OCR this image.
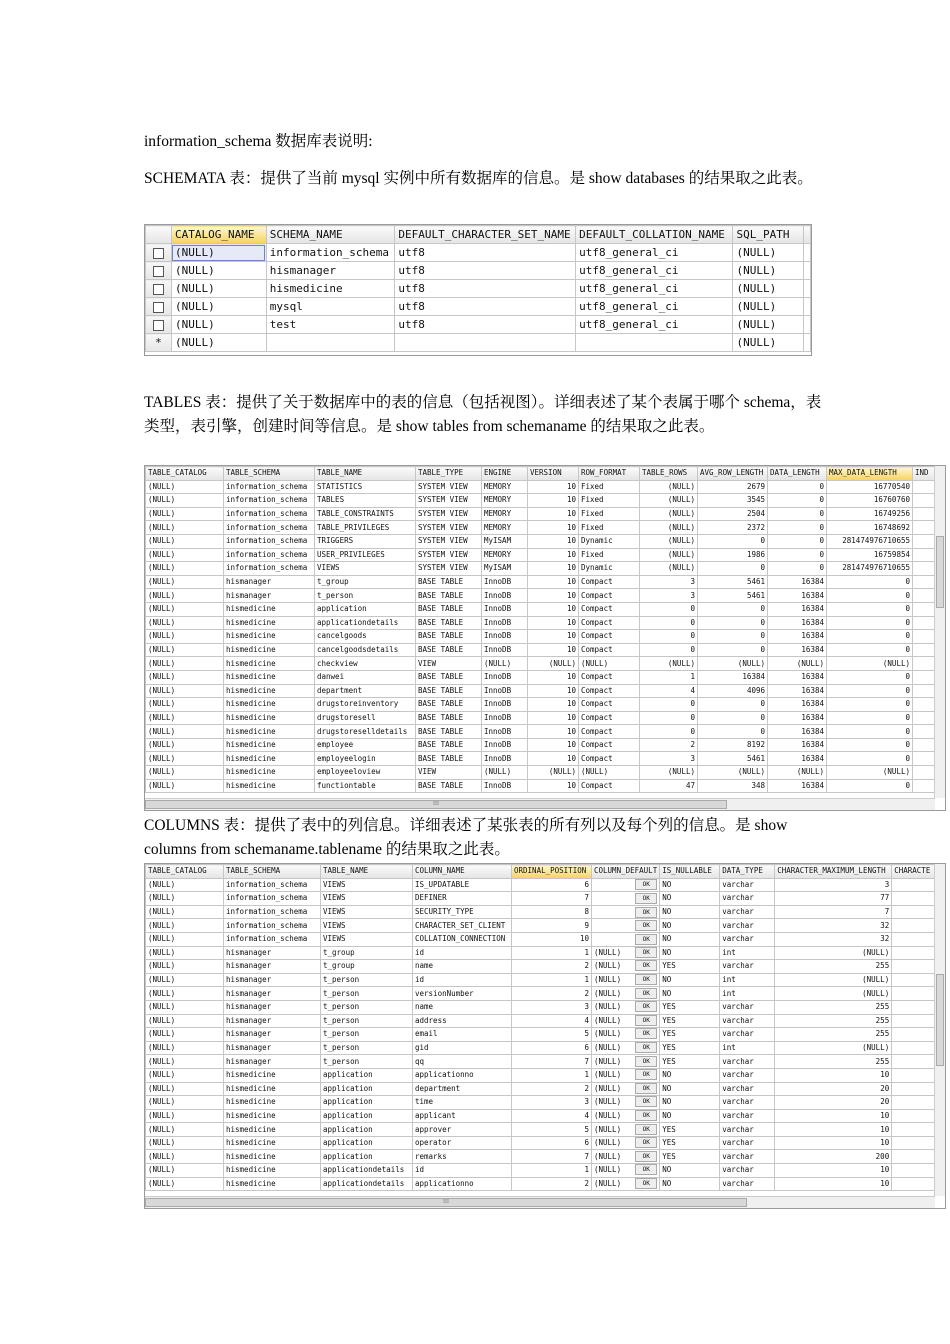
information_schema 数据库表说明:

SCHEMATA 表：提供了当前 mysql 实例中所有数据库的信息。是 show databases 的结果取之此表。

	CATALOG_NAME	SCHEMA_NAME	DEFAULT_CHARACTER_SET_NAME	DEFAULT_COLLATION_NAME	SQL_PATH	
	(NULL)	information_schema	utf8	utf8_general_ci	(NULL)	
	(NULL)	hismanager	utf8	utf8_general_ci	(NULL)	
	(NULL)	hismedicine	utf8	utf8_general_ci	(NULL)	
	(NULL)	mysql	utf8	utf8_general_ci	(NULL)	
	(NULL)	test	utf8	utf8_general_ci	(NULL)	
*	(NULL)				(NULL)	

TABLES 表：提供了关于数据库中的表的信息（包括视图）。详细表述了某个表属于哪个 schema，表类型，表引擎，创建时间等信息。是 show tables from schemaname 的结果取之此表。

TABLE_CATALOG	TABLE_SCHEMA	TABLE_NAME	TABLE_TYPE	ENGINE	VERSION	ROW_FORMAT	TABLE_ROWS	AVG_ROW_LENGTH	DATA_LENGTH	MAX_DATA_LENGTH	IND
(NULL)	information_schema	STATISTICS	SYSTEM VIEW	MEMORY	10	Fixed	(NULL)	2679	0	16770540	
(NULL)	information_schema	TABLES	SYSTEM VIEW	MEMORY	10	Fixed	(NULL)	3545	0	16760760	
(NULL)	information_schema	TABLE_CONSTRAINTS	SYSTEM VIEW	MEMORY	10	Fixed	(NULL)	2504	0	16749256	
(NULL)	information_schema	TABLE_PRIVILEGES	SYSTEM VIEW	MEMORY	10	Fixed	(NULL)	2372	0	16748692	
(NULL)	information_schema	TRIGGERS	SYSTEM VIEW	MyISAM	10	Dynamic	(NULL)	0	0	281474976710655	
(NULL)	information_schema	USER_PRIVILEGES	SYSTEM VIEW	MEMORY	10	Fixed	(NULL)	1986	0	16759854	
(NULL)	information_schema	VIEWS	SYSTEM VIEW	MyISAM	10	Dynamic	(NULL)	0	0	281474976710655	
(NULL)	hismanager	t_group	BASE TABLE	InnoDB	10	Compact	3	5461	16384	0	
(NULL)	hismanager	t_person	BASE TABLE	InnoDB	10	Compact	3	5461	16384	0	
(NULL)	hismedicine	application	BASE TABLE	InnoDB	10	Compact	0	0	16384	0	
(NULL)	hismedicine	applicationdetails	BASE TABLE	InnoDB	10	Compact	0	0	16384	0	
(NULL)	hismedicine	cancelgoods	BASE TABLE	InnoDB	10	Compact	0	0	16384	0	
(NULL)	hismedicine	cancelgoodsdetails	BASE TABLE	InnoDB	10	Compact	0	0	16384	0	
(NULL)	hismedicine	checkview	VIEW	(NULL)	(NULL)	(NULL)	(NULL)	(NULL)	(NULL)	(NULL)	
(NULL)	hismedicine	danwei	BASE TABLE	InnoDB	10	Compact	1	16384	16384	0	
(NULL)	hismedicine	department	BASE TABLE	InnoDB	10	Compact	4	4096	16384	0	
(NULL)	hismedicine	drugstoreinventory	BASE TABLE	InnoDB	10	Compact	0	0	16384	0	
(NULL)	hismedicine	drugstoresell	BASE TABLE	InnoDB	10	Compact	0	0	16384	0	
(NULL)	hismedicine	drugstoreselldetails	BASE TABLE	InnoDB	10	Compact	0	0	16384	0	
(NULL)	hismedicine	employee	BASE TABLE	InnoDB	10	Compact	2	8192	16384	0	
(NULL)	hismedicine	employeelogin	BASE TABLE	InnoDB	10	Compact	3	5461	16384	0	
(NULL)	hismedicine	employeeloview	VIEW	(NULL)	(NULL)	(NULL)	(NULL)	(NULL)	(NULL)	(NULL)	
(NULL)	hismedicine	functiontable	BASE TABLE	InnoDB	10	Compact	47	348	16384	0	
III

COLUMNS 表：提供了表中的列信息。详细表述了某张表的所有列以及每个列的信息。是 show columns from schemaname.tablename 的结果取之此表。

TABLE_CATALOG	TABLE_SCHEMA	TABLE_NAME	COLUMN_NAME	ORDINAL_POSITION	COLUMN_DEFAULT	IS_NULLABLE	DATA_TYPE	CHARACTER_MAXIMUM_LENGTH	CHARACTE
(NULL)	information_schema	VIEWS	IS_UPDATABLE	6	OK	NO	varchar	3	
(NULL)	information_schema	VIEWS	DEFINER	7	OK	NO	varchar	77	
(NULL)	information_schema	VIEWS	SECURITY_TYPE	8	OK	NO	varchar	7	
(NULL)	information_schema	VIEWS	CHARACTER_SET_CLIENT	9	OK	NO	varchar	32	
(NULL)	information_schema	VIEWS	COLLATION_CONNECTION	10	OK	NO	varchar	32	
(NULL)	hismanager	t_group	id	1	(NULL) OK	NO	int	(NULL)	
(NULL)	hismanager	t_group	name	2	(NULL) OK	YES	varchar	255	
(NULL)	hismanager	t_person	id	1	(NULL) OK	NO	int	(NULL)	
(NULL)	hismanager	t_person	versionNumber	2	(NULL) OK	NO	int	(NULL)	
(NULL)	hismanager	t_person	name	3	(NULL) OK	YES	varchar	255	
(NULL)	hismanager	t_person	address	4	(NULL) OK	YES	varchar	255	
(NULL)	hismanager	t_person	email	5	(NULL) OK	YES	varchar	255	
(NULL)	hismanager	t_person	gid	6	(NULL) OK	YES	int	(NULL)	
(NULL)	hismanager	t_person	qq	7	(NULL) OK	YES	varchar	255	
(NULL)	hismedicine	application	applicationno	1	(NULL) OK	NO	varchar	10	
(NULL)	hismedicine	application	department	2	(NULL) OK	NO	varchar	20	
(NULL)	hismedicine	application	time	3	(NULL) OK	NO	varchar	20	
(NULL)	hismedicine	application	applicant	4	(NULL) OK	NO	varchar	10	
(NULL)	hismedicine	application	approver	5	(NULL) OK	YES	varchar	10	
(NULL)	hismedicine	application	operator	6	(NULL) OK	YES	varchar	10	
(NULL)	hismedicine	application	remarks	7	(NULL) OK	YES	varchar	200	
(NULL)	hismedicine	applicationdetails	id	1	(NULL) OK	NO	varchar	10	
(NULL)	hismedicine	applicationdetails	applicationno	2	(NULL) OK	NO	varchar	10	
III
